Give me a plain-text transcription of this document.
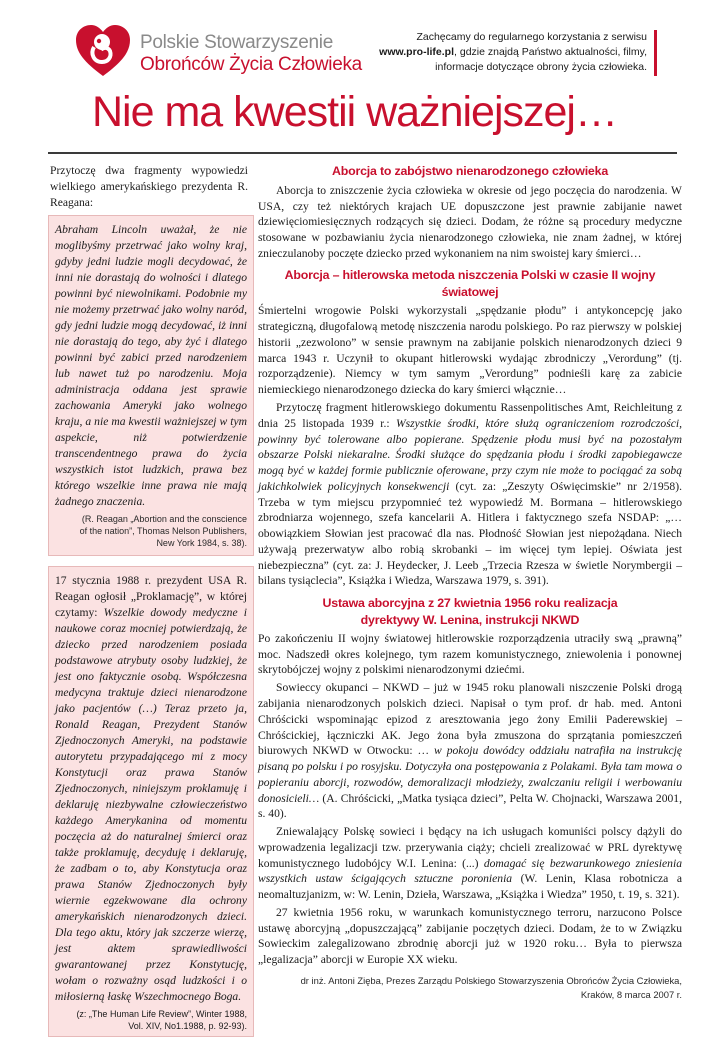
Polskie Stowarzyszenie
Obrońców Życia Człowieka
Zachęcamy do regularnego korzystania z serwisu
www.pro-life.pl, gdzie znajdą Państwo aktualności, filmy,
informacje dotyczące obrony życia człowieka.
Nie ma kwestii ważniejszej…
Przytoczę dwa fragmenty wypowiedzi wielkiego amerykańskiego prezydenta R. Reagana:
Abraham Lincoln uważał, że nie moglibyśmy przetrwać jako wolny kraj, gdyby jedni ludzie mogli decydować, że inni nie dorastają do wolności i dlatego powinni być niewolnikami. Podobnie my nie możemy przetrwać jako wolny naród, gdy jedni ludzie mogą decydować, iż inni nie dorastają do tego, aby żyć i dlatego powinni być zabici przed narodzeniem lub nawet tuż po narodzeniu. Moja administracja oddana jest sprawie zachowania Ameryki jako wolnego kraju, a nie ma kwestii ważniejszej w tym aspekcie, niż potwierdzenie transcendentnego prawa do życia wszystkich istot ludzkich, prawa bez którego wszelkie inne prawa nie mają żadnego znaczenia.
(R. Reagan „Abortion and the conscience
of the nation”, Thomas Nelson Publishers,
New York 1984, s. 38).
17 stycznia 1988 r. prezydent USA R. Reagan ogłosił „Proklamację”, w której czytamy: Wszelkie dowody medyczne i naukowe coraz mocniej potwierdzają, że dziecko przed narodzeniem posiada podstawowe atrybuty osoby ludzkiej, że jest ono faktycznie osobą. Współczesna medycyna traktuje dzieci nienarodzone jako pacjentów (…) Teraz przeto ja, Ronald Reagan, Prezydent Stanów Zjednoczonych Ameryki, na podstawie autorytetu przypadającego mi z mocy Konstytucji oraz prawa Stanów Zjednoczonych, niniejszym proklamuję i deklaruję niezbywalne człowieczeństwo każdego Amerykanina od momentu poczęcia aż do naturalnej śmierci oraz także proklamuję, decyduję i deklaruję, że zadbam o to, aby Konstytucja oraz prawa Stanów Zjednoczonych były wiernie egzekwowane dla ochrony amerykańskich nienarodzonych dzieci. Dla tego aktu, który jak szczerze wierzę, jest aktem sprawiedliwości gwarantowanej przez Konstytucję, wołam o rozważny osąd ludzkości i o miłosierną łaskę Wszechmocnego Boga.
(z: „The Human Life Review”, Winter 1988,
Vol. XIV, No1.1988, p. 92-93).
Aborcja to zabójstwo nienarodzonego człowieka
Aborcja to zniszczenie życia człowieka w okresie od jego poczęcia do narodzenia. W USA, czy też niektórych krajach UE dopuszczone jest prawnie zabijanie nawet dziewięciomiesięcznych rodzących się dzieci. Dodam, że różne są procedury medyczne stosowane w pozbawianiu życia nienarodzonego człowieka, nie znam żadnej, w której znieczulanoby poczęte dziecko przed wykonaniem na nim swoistej kary śmierci…
Aborcja – hitlerowska metoda niszczenia Polski w czasie II wojny światowej
Śmiertelni wrogowie Polski wykorzystali „spędzanie płodu” i antykoncepcję jako strategiczną, długofalową metodę niszczenia narodu polskiego. Po raz pierwszy w polskiej historii „zezwolono” w sensie prawnym na zabijanie polskich nienarodzonych dzieci 9 marca 1943 r. Uczynił to okupant hitlerowski wydając zbrodniczy „Verordung” (tj. rozporządzenie). Niemcy w tym samym „Verordung” podnieśli karę za zabicie niemieckiego nienarodzonego dziecka do kary śmierci włącznie…
Przytoczę fragment hitlerowskiego dokumentu Rassenpolitisches Amt, Reichleitung z dnia 25 listopada 1939 r.: Wszystkie środki, które służą ograniczeniom rozrodczości, powinny być tolerowane albo popierane. Spędzenie płodu musi być na pozostałym obszarze Polski niekaralne. Środki służące do spędzania płodu i środki zapobiegawcze mogą być w każdej formie publicznie oferowane, przy czym nie może to pociągać za sobą jakichkolwiek policyjnych konsekwencji (cyt. za: „Zeszyty Oświęcimskie” nr 2/1958). Trzeba w tym miejscu przypomnieć też wypowiedź M. Bormana – hitlerowskiego zbrodniarza wojennego, szefa kancelarii A. Hitlera i faktycznego szefa NSDAP: „…obowiązkiem Słowian jest pracować dla nas. Płodność Słowian jest niepożądana. Niech używają prezerwatyw albo robią skrobanki – im więcej tym lepiej. Oświata jest niebezpieczna” (cyt. za: J. Heydecker, J. Leeb „Trzecia Rzesza w świetle Norymbergii – bilans tysiąclecia”, Książka i Wiedza, Warszawa 1979, s. 391).
Ustawa aborcyjna z 27 kwietnia 1956 roku realizacja
dyrektywy W. Lenina, instrukcji NKWD
Po zakończeniu II wojny światowej hitlerowskie rozporządzenia utraciły swą „prawną” moc. Nadszedł okres kolejnego, tym razem komunistycznego, zniewolenia i ponownej skrytobójczej wojny z polskimi nienarodzonymi dziećmi.
Sowieccy okupanci – NKWD – już w 1945 roku planowali niszczenie Polski drogą zabijania nienarodzonych polskich dzieci. Napisał o tym prof. dr hab. med. Antoni Chróścicki wspominając epizod z aresztowania jego żony Emilii Paderewskiej – Chróścickiej, łączniczki AK. Jego żona była zmuszona do sprzątania pomieszczeń biurowych NKWD w Otwocku: … w pokoju dowódcy oddziału natrafiła na instrukcję pisaną po polsku i po rosyjsku. Dotyczyła ona postępowania z Polakami. Była tam mowa o popieraniu aborcji, rozwodów, demoralizacji młodzieży, zwalczaniu religii i werbowaniu donosicieli… (A. Chróścicki, „Matka tysiąca dzieci”, Pelta W. Chojnacki, Warszawa 2001, s. 40).
Zniewalający Polskę sowieci i będący na ich usługach komuniści polscy dążyli do wprowadzenia legalizacji tzw. przerywania ciąży; chcieli zrealizować w PRL dyrektywę komunistycznego ludobójcy W.I. Lenina: (...) domagać się bezwarunkowego zniesienia wszystkich ustaw ścigających sztuczne poronienia (W. Lenin, Klasa robotnicza a neomaltuzjanizm, w: W. Lenin, Dzieła, Warszawa, „Książka i Wiedza” 1950, t. 19, s. 321).
27 kwietnia 1956 roku, w warunkach komunistycznego terroru, narzucono Polsce ustawę aborcyjną „dopuszczającą” zabijanie poczętych dzieci. Dodam, że to w Związku Sowieckim zalegalizowano zbrodnię aborcji już w 1920 roku… Była to pierwsza „legalizacja” aborcji w Europie XX wieku.
dr inż. Antoni Zięba, Prezes Zarządu Polskiego Stowarzyszenia Obrońców Życia Człowieka,
Kraków, 8 marca 2007 r.
